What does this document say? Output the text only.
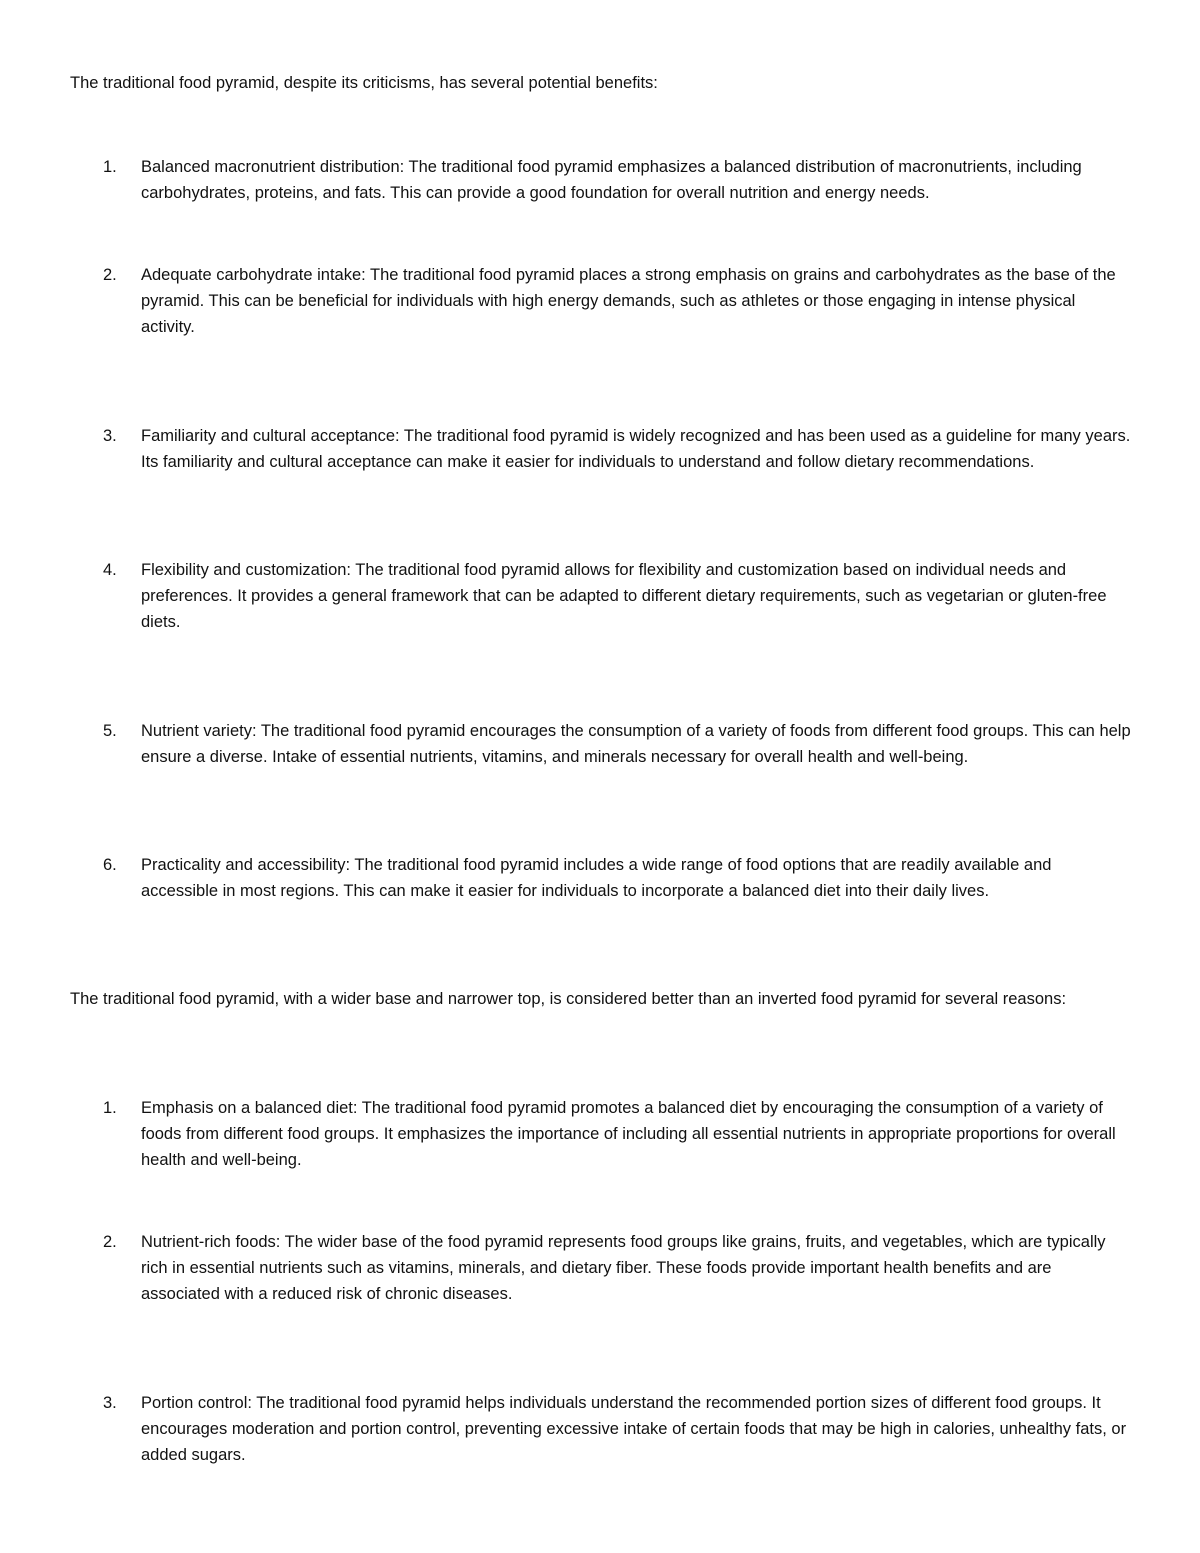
The traditional food pyramid, despite its criticisms, has several potential benefits:

1.	Balanced macronutrient distribution: The traditional food pyramid emphasizes a balanced distribution of macronutrients, including carbohydrates, proteins, and fats. This can provide a good foundation for overall nutrition and energy needs.
2.	Adequate carbohydrate intake: The traditional food pyramid places a strong emphasis on grains and carbohydrates as the base of the pyramid. This can be beneficial for individuals with high energy demands, such as athletes or those engaging in intense physical activity.
3.	Familiarity and cultural acceptance: The traditional food pyramid is widely recognized and has been used as a guideline for many years. Its familiarity and cultural acceptance can make it easier for individuals to understand and follow dietary recommendations.
4.	Flexibility and customization: The traditional food pyramid allows for flexibility and customization based on individual needs and preferences. It provides a general framework that can be adapted to different dietary requirements, such as vegetarian or gluten-free diets.
5.	Nutrient variety: The traditional food pyramid encourages the consumption of a variety of foods from different food groups. This can help ensure a diverse. Intake of essential nutrients, vitamins, and minerals necessary for overall health and well-being.
6.	Practicality and accessibility: The traditional food pyramid includes a wide range of food options that are readily available and accessible in most regions. This can make it easier for individuals to incorporate a balanced diet into their daily lives.

The traditional food pyramid, with a wider base and narrower top, is considered better than an inverted food pyramid for several reasons:

1.	Emphasis on a balanced diet: The traditional food pyramid promotes a balanced diet by encouraging the consumption of a variety of foods from different food groups. It emphasizes the importance of including all essential nutrients in appropriate proportions for overall health and well-being.
2.	Nutrient-rich foods: The wider base of the food pyramid represents food groups like grains, fruits, and vegetables, which are typically rich in essential nutrients such as vitamins, minerals, and dietary fiber. These foods provide important health benefits and are associated with a reduced risk of chronic diseases.
3.	Portion control: The traditional food pyramid helps individuals understand the recommended portion sizes of different food groups. It encourages moderation and portion control, preventing excessive intake of certain foods that may be high in calories, unhealthy fats, or added sugars.
